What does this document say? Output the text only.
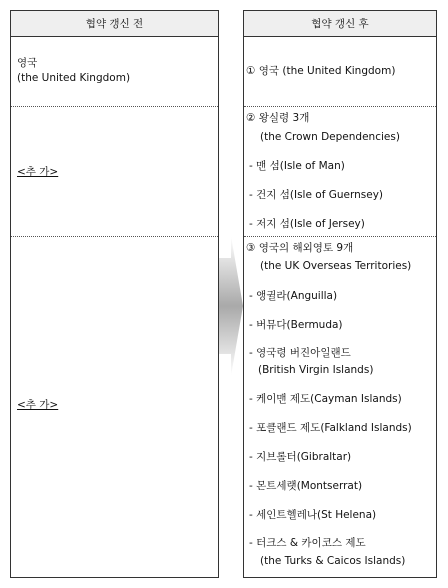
협약 갱신 전
영국
(the United Kingdom)
<추 가>
<추 가>
협약 갱신 후
① 영국 (the United Kingdom)
② 왕실령 3개
(the Crown Dependencies)
- 맨 섬(Isle of Man)
- 건지 섬(Isle of Guernsey)
- 저지 섬(Isle of Jersey)
③ 영국의 해외영토 9개
(the UK Overseas Territories)
- 앵귈라(Anguilla)
- 버뮤다(Bermuda)
- 영국령 버진아일랜드
(British Virgin Islands)
- 케이맨 제도(Cayman Islands)
- 포클랜드 제도(Falkland Islands)
- 지브롤터(Gibraltar)
- 몬트세랫(Montserrat)
- 세인트헬레나(St Helena)
- 터크스 & 카이코스 제도
(the Turks & Caicos Islands)
